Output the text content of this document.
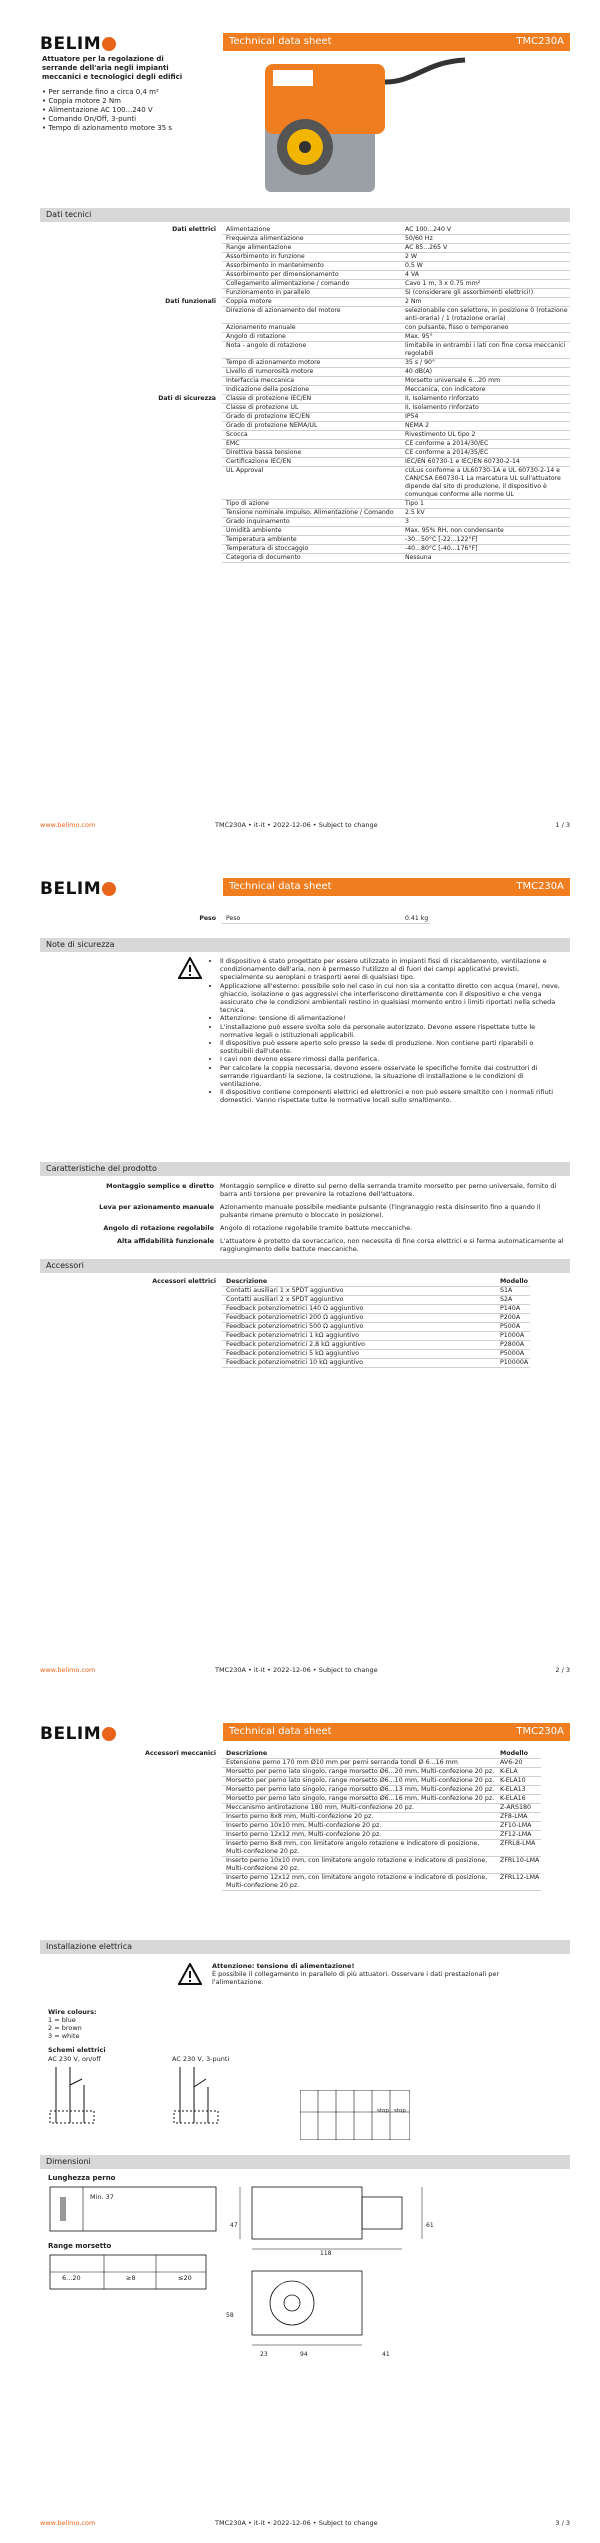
BELIM	Technical data sheet	TMC230A
Attuatore per la regolazione di serrande dell'aria negli impianti meccanici e tecnologici degli edifici
• Per serrande fino a circa 0,4 m²
• Coppia motore 2 Nm
• Alimentazione AC 100...240 V
• Comando On/Off, 3-punti
• Tempo di azionamento motore 35 s
Dati tecnici
Dati elettrici	Alimentazione	AC 100...240 V
	Frequenza alimentazione	50/60 Hz
	Range alimentazione	AC 85...265 V
	Assorbimento in funzione	2 W
	Assorbimento in mantenimento	0.5 W
	Assorbimento per dimensionamento	4 VA
	Collegamento alimentazione / comando	Cavo 1 m, 3 x 0.75 mm²
	Funzionamento in parallelo	Sì (considerare gli assorbimenti elettrici!)
Dati funzionali	Coppia motore	2 Nm
	Direzione di azionamento del motore	selezionabile con selettore, in posizione 0 (rotazione anti-oraria) / 1 (rotazione oraria)
	Azionamento manuale	con pulsante, fisso o temporaneo
	Angolo di rotazione	Max. 95°
	Nota - angolo di rotazione	limitabile in entrambi i lati con fine corsa meccanici regolabili
	Tempo di azionamento motore	35 s / 90°
	Livello di rumorosità motore	40 dB(A)
	Interfaccia meccanica	Morsetto universale 6...20 mm
	Indicazione della posizione	Meccanica, con indicatore
Dati di sicurezza	Classe di protezione IEC/EN	II, Isolamento rinforzato
	Classe di protezione UL	II, Isolamento rinforzato
	Grado di protezione IEC/EN	IP54
	Grado di protezione NEMA/UL	NEMA 2
	Scocca	Rivestimento UL tipo 2
	EMC	CE conforme a 2014/30/EC
	Direttiva bassa tensione	CE conforme a 2014/35/EC
	Certificazione IEC/EN	IEC/EN 60730-1 e IEC/EN 60730-2-14
	UL Approval	cULus conforme a UL60730-1A e UL 60730-2-14 e CAN/CSA E60730-1 La marcatura UL sull'attuatore dipende dal sito di produzione, il dispositivo è comunque conforme alle norme UL
	Tipo di azione	Tipo 1
	Tensione nominale impulso, Alimentazione / Comando	2.5 kV
	Grado inquinamento	3
	Umidità ambiente	Max. 95% RH, non condensante
	Temperatura ambiente	-30...50°C [-22...122°F]
	Temperatura di stoccaggio	-40...80°C [-40...176°F]
	Categoria di documento	Nessuna
www.belimo.com	TMC230A • it-it • 2022-12-06 • Subject to change	1 / 3
BELIM	Technical data sheet	TMC230A
Peso	Peso	0.41 kg
Note di sicurezza
• Il dispositivo è stato progettato per essere utilizzato in impianti fissi di riscaldamento, ventilazione e condizionamento dell'aria, non è permesso l'utilizzo al di fuori dei campi applicativi previsti, specialmente su aeroplani o trasporti aerei di qualsiasi tipo.
• Applicazione all'esterno: possibile solo nel caso in cui non sia a contatto diretto con acqua (mare), neve, ghiaccio, isolazione o gas aggressivi che interferiscono direttamente con il dispositivo e che venga assicurato che le condizioni ambientali restino in qualsiasi momento entro i limiti riportati nella scheda tecnica.
• Attenzione: tensione di alimentazione!
• L'installazione può essere svolta solo da personale autorizzato. Devono essere rispettate tutte le normative legali o istituzionali applicabili.
• Il dispositivo può essere aperto solo presso la sede di produzione. Non contiene parti riparabili o sostituibili dall'utente.
• I cavi non devono essere rimossi dalla periferica.
• Per calcolare la coppia necessaria, devono essere osservate le specifiche fornite dai costruttori di serrande riguardanti la sezione, la costruzione, la situazione di installazione e le condizioni di ventilazione.
• Il dispositivo contiene componenti elettrici ed elettronici e non può essere smaltito con i normali rifiuti domestici. Vanno rispettate tutte le normative locali sullo smaltimento.
Caratteristiche del prodotto
Montaggio semplice e diretto	Montaggio semplice e diretto sul perno della serranda tramite morsetto per perno universale, fornito di barra anti torsione per prevenire la rotazione dell'attuatore.
Leva per azionamento manuale	Azionamento manuale possibile mediante pulsante (l'ingranaggio resta disinserito fino a quando il pulsante rimane premuto o bloccato in posizione).
Angolo di rotazione regolabile	Angolo di rotazione regolabile tramite battute meccaniche.
Alta affidabilità funzionale	L'attuatore è protetto da sovraccarico, non necessita di fine corsa elettrici e si ferma automaticamente al raggiungimento delle battute meccaniche.
Accessori
Accessori elettrici	Descrizione	Modello
	Contatti ausiliari 1 x SPDT aggiuntivo	S1A
	Contatti ausiliari 2 x SPDT aggiuntivo	S2A
	Feedback potenziometrici 140 Ω aggiuntivo	P140A
	Feedback potenziometrici 200 Ω aggiuntivo	P200A
	Feedback potenziometrici 500 Ω aggiuntivo	P500A
	Feedback potenziometrici 1 kΩ aggiuntivo	P1000A
	Feedback potenziometrici 2.8 kΩ aggiuntivo	P2800A
	Feedback potenziometrici 5 kΩ aggiuntivo	P5000A
	Feedback potenziometrici 10 kΩ aggiuntivo	P10000A
www.belimo.com	TMC230A • it-it • 2022-12-06 • Subject to change	2 / 3
BELIM	Technical data sheet	TMC230A
Accessori meccanici	Descrizione	Modello
	Estensione perno 170 mm Ø10 mm per perni serranda tondi Ø 6...16 mm	AV6-20
	Morsetto per perno lato singolo, range morsetto Ø6...20 mm, Multi-confezione 20 pz.	K-ELA
	Morsetto per perno lato singolo, range morsetto Ø6...10 mm, Multi-confezione 20 pz.	K-ELA10
	Morsetto per perno lato singolo, range morsetto Ø6...13 mm, Multi-confezione 20 pz.	K-ELA13
	Morsetto per perno lato singolo, range morsetto Ø6...16 mm, Multi-confezione 20 pz.	K-ELA16
	Meccanismo antirotazione 180 mm, Multi-confezione 20 pz.	Z-ARS180
	Inserto perno 8x8 mm, Multi-confezione 20 pz.	ZF8-LMA
	Inserto perno 10x10 mm, Multi-confezione 20 pz.	ZF10-LMA
	Inserto perno 12x12 mm, Multi-confezione 20 pz.	ZF12-LMA
	Inserto perno 8x8 mm, con limitatore angolo rotazione e indicatore di posizione, Multi-confezione 20 pz.	ZFRL8-LMA
	Inserto perno 10x10 mm, con limitatore angolo rotazione e indicatore di posizione, Multi-confezione 20 pz.	ZFRL10-LMA
	Inserto perno 12x12 mm, con limitatore angolo rotazione e indicatore di posizione, Multi-confezione 20 pz.	ZFRL12-LMA
Installazione elettrica
Attenzione: tensione di alimentazione!
È possibile il collegamento in parallelo di più attuatori. Osservare i dati prestazionali per l'alimentazione.
Wire colours:
1 = blue
2 = brown
3 = white
Schemi elettrici
AC 230 V, on/off	AC 230 V, 3-punti
stop stop
Dimensioni
Lunghezza perno
Min. 37
Range morsetto
6...20	≥8	≤20
47
118
61
58
94	41
23
www.belimo.com	TMC230A • it-it • 2022-12-06 • Subject to change	3 / 3
